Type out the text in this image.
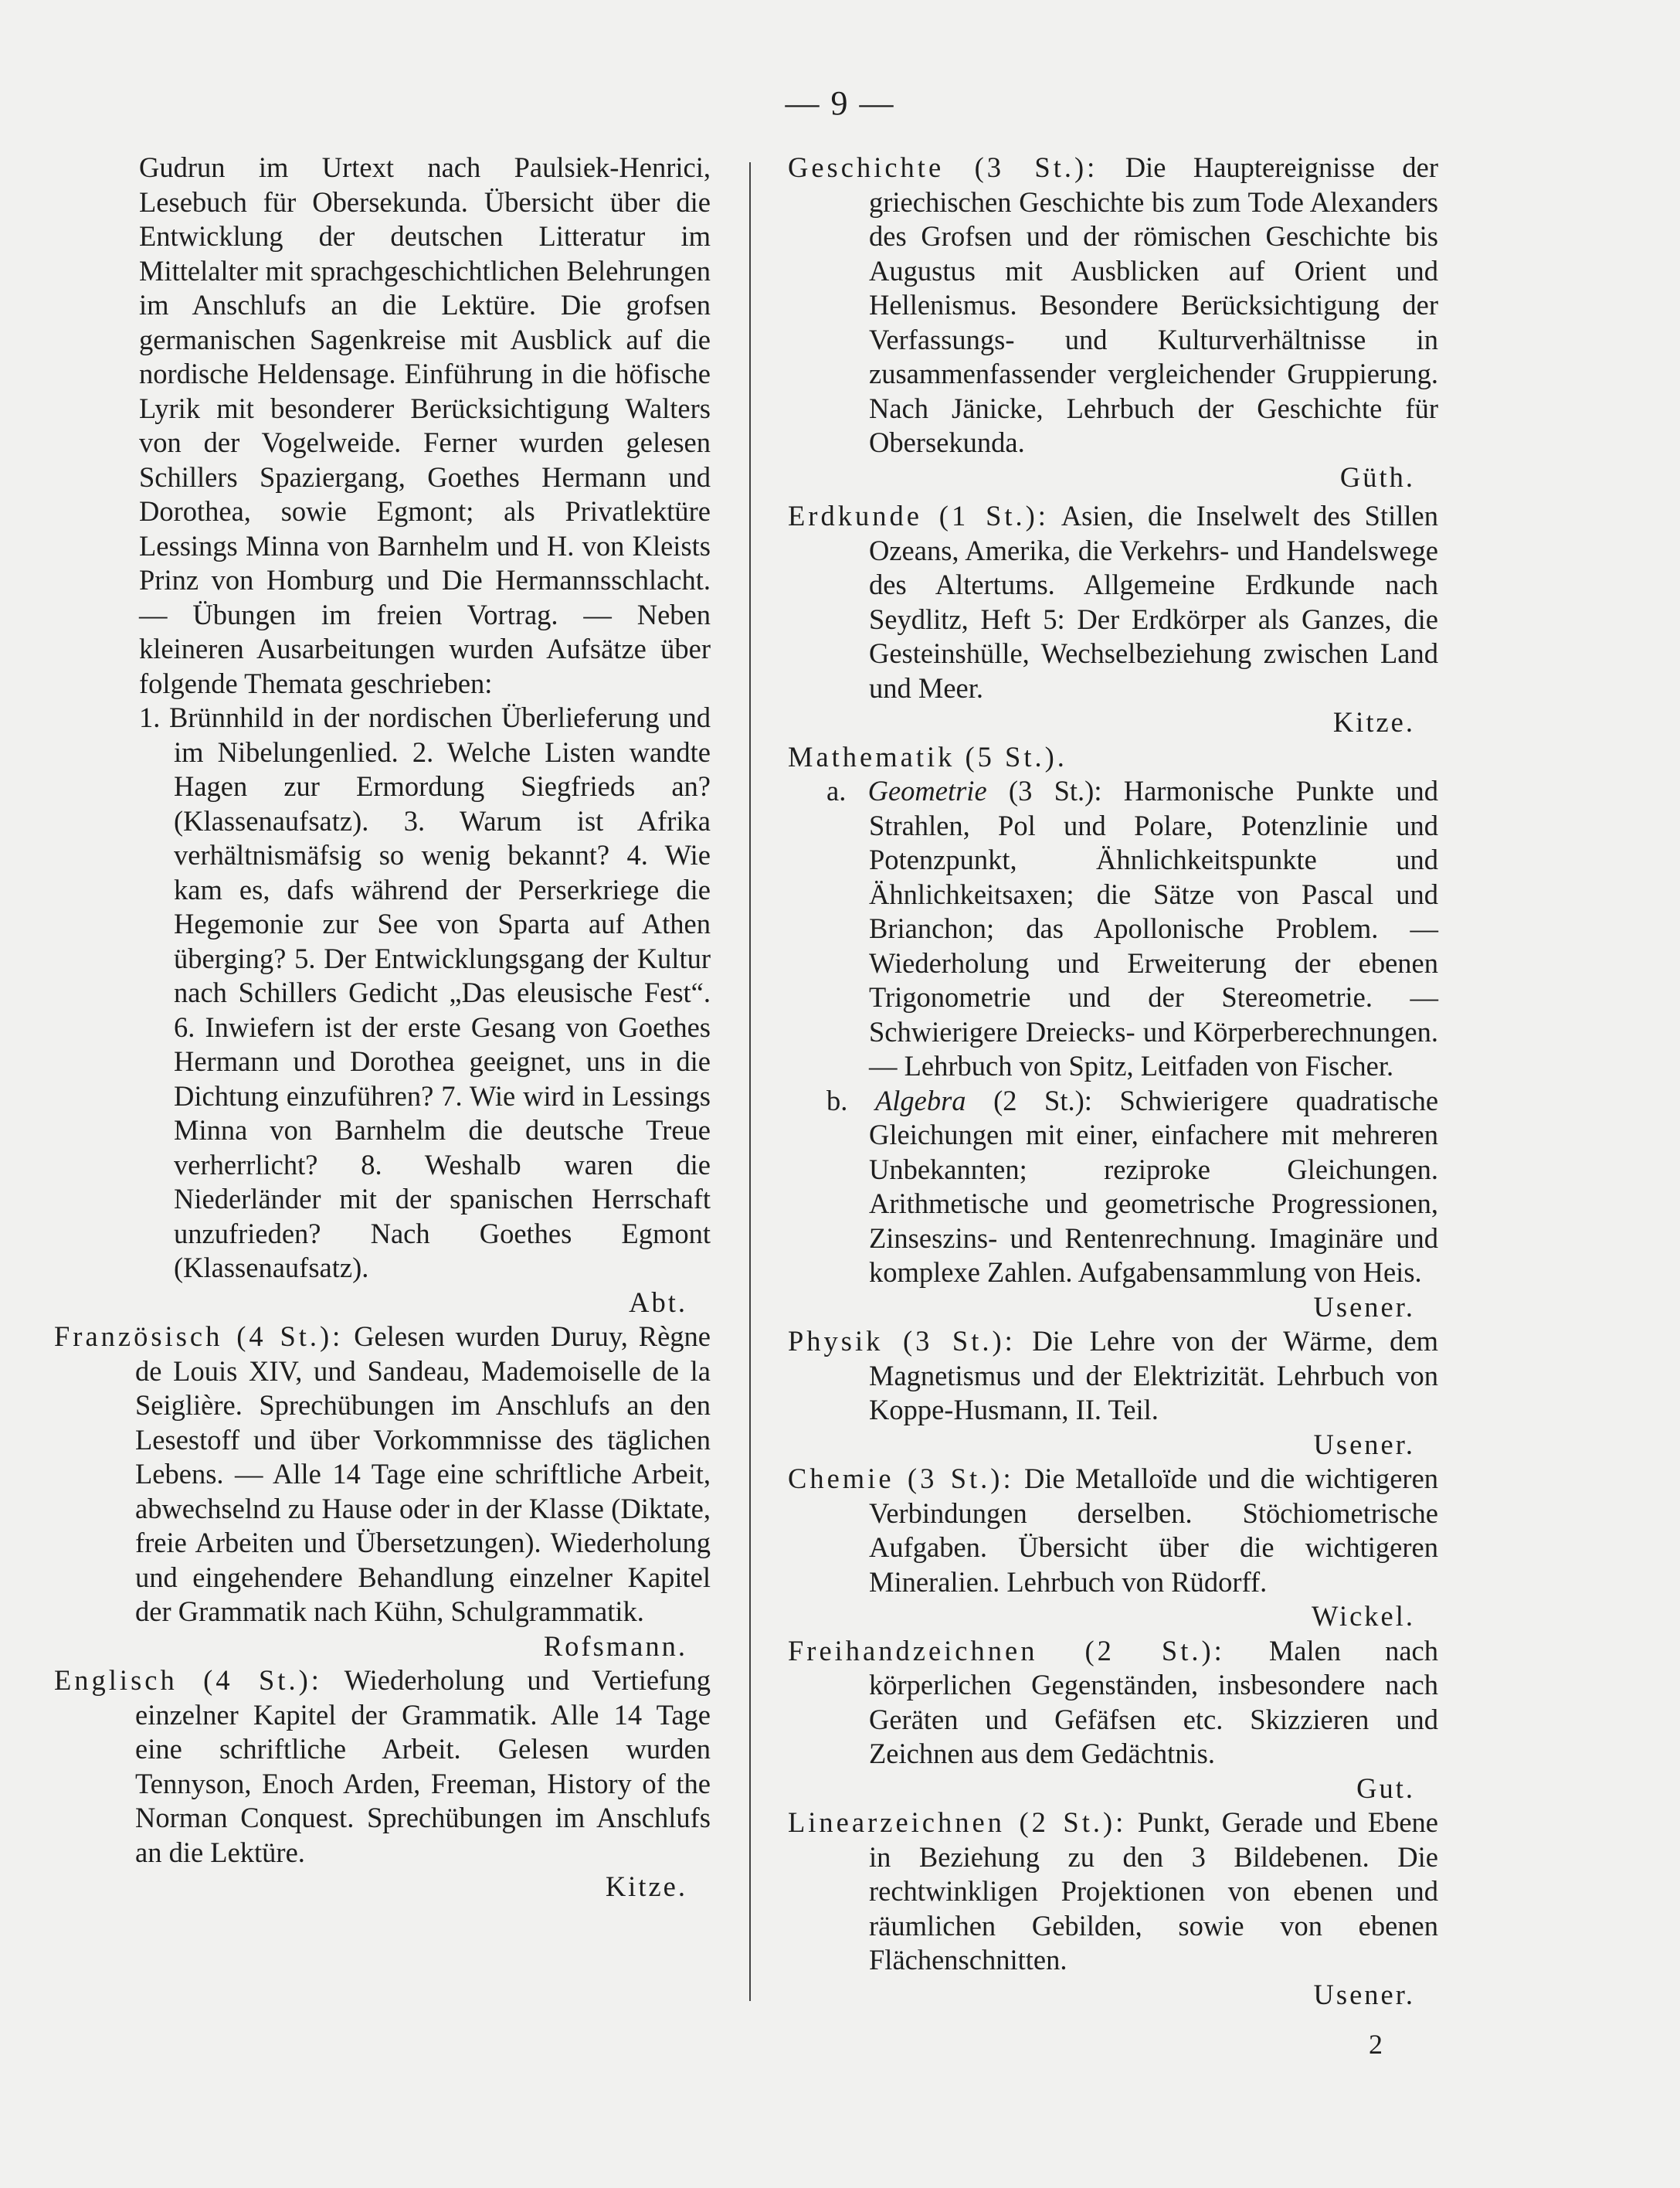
— 9 —

Gudrun im Urtext nach Paulsiek-Henrici, Lesebuch für Obersekunda. Übersicht über die Entwicklung der deutschen Litteratur im Mittelalter mit sprachgeschichtlichen Belehrungen im Anschlufs an die Lektüre. Die grofsen germanischen Sagenkreise mit Ausblick auf die nordische Heldensage. Einführung in die höfische Lyrik mit besonderer Berücksichtigung Walters von der Vogelweide. Ferner wurden gelesen Schillers Spaziergang, Goethes Hermann und Dorothea, sowie Egmont; als Privatlektüre Lessings Minna von Barnhelm und H. von Kleists Prinz von Homburg und Die Hermannsschlacht. — Übungen im freien Vortrag. — Neben kleineren Ausarbeitungen wurden Aufsätze über folgende Themata geschrieben:

1. Brünnhild in der nordischen Überlieferung und im Nibelungenlied. 2. Welche Listen wandte Hagen zur Ermordung Siegfrieds an? (Klassenaufsatz). 3. Warum ist Afrika verhältnismäfsig so wenig bekannt? 4. Wie kam es, dafs während der Perserkriege die Hegemonie zur See von Sparta auf Athen überging? 5. Der Entwicklungsgang der Kultur nach Schillers Gedicht „Das eleusische Fest“. 6. Inwiefern ist der erste Gesang von Goethes Hermann und Dorothea geeignet, uns in die Dichtung einzuführen? 7. Wie wird in Lessings Minna von Barnhelm die deutsche Treue verherrlicht? 8. Weshalb waren die Niederländer mit der spanischen Herrschaft unzufrieden? Nach Goethes Egmont (Klassenaufsatz).

Abt.

Französisch (4 St.): Gelesen wurden Duruy, Règne de Louis XIV, und Sandeau, Mademoiselle de la Seiglière. Sprechübungen im Anschlufs an den Lesestoff und über Vorkommnisse des täglichen Lebens. — Alle 14 Tage eine schriftliche Arbeit, abwechselnd zu Hause oder in der Klasse (Diktate, freie Arbeiten und Übersetzungen). Wiederholung und eingehendere Behandlung einzelner Kapitel der Grammatik nach Kühn, Schulgrammatik.

Rofsmann.

Englisch (4 St.): Wiederholung und Vertiefung einzelner Kapitel der Grammatik. Alle 14 Tage eine schriftliche Arbeit. Gelesen wurden Tennyson, Enoch Arden, Freeman, History of the Norman Conquest. Sprechübungen im Anschlufs an die Lektüre.

Kitze.

Geschichte (3 St.): Die Hauptereignisse der griechischen Geschichte bis zum Tode Alexanders des Grofsen und der römischen Geschichte bis Augustus mit Ausblicken auf Orient und Hellenismus. Besondere Berücksichtigung der Verfassungs- und Kulturverhältnisse in zusammenfassender vergleichender Gruppierung. Nach Jänicke, Lehrbuch der Geschichte für Obersekunda.

Güth.

Erdkunde (1 St.): Asien, die Inselwelt des Stillen Ozeans, Amerika, die Verkehrs- und Handelswege des Altertums. Allgemeine Erdkunde nach Seydlitz, Heft 5: Der Erdkörper als Ganzes, die Gesteinshülle, Wechselbeziehung zwischen Land und Meer.

Kitze.

Mathematik (5 St.).

a. Geometrie (3 St.): Harmonische Punkte und Strahlen, Pol und Polare, Potenzlinie und Potenzpunkt, Ähnlichkeitspunkte und Ähnlichkeitsaxen; die Sätze von Pascal und Brianchon; das Apollonische Problem. — Wiederholung und Erweiterung der ebenen Trigonometrie und der Stereometrie. — Schwierigere Dreiecks- und Körperberechnungen. — Lehrbuch von Spitz, Leitfaden von Fischer.

b. Algebra (2 St.): Schwierigere quadratische Gleichungen mit einer, einfachere mit mehreren Unbekannten; reziproke Gleichungen. Arithmetische und geometrische Progressionen, Zinseszins- und Rentenrechnung. Imaginäre und komplexe Zahlen. Aufgabensammlung von Heis.

Usener.

Physik (3 St.): Die Lehre von der Wärme, dem Magnetismus und der Elektrizität. Lehrbuch von Koppe-Husmann, II. Teil.

Usener.

Chemie (3 St.): Die Metalloïde und die wichtigeren Verbindungen derselben. Stöchiometrische Aufgaben. Übersicht über die wichtigeren Mineralien. Lehrbuch von Rüdorff.

Wickel.

Freihandzeichnen (2 St.): Malen nach körperlichen Gegenständen, insbesondere nach Geräten und Gefäfsen etc. Skizzieren und Zeichnen aus dem Gedächtnis.

Gut.

Linearzeichnen (2 St.): Punkt, Gerade und Ebene in Beziehung zu den 3 Bildebenen. Die rechtwinkligen Projektionen von ebenen und räumlichen Gebilden, sowie von ebenen Flächenschnitten.

Usener.
2
